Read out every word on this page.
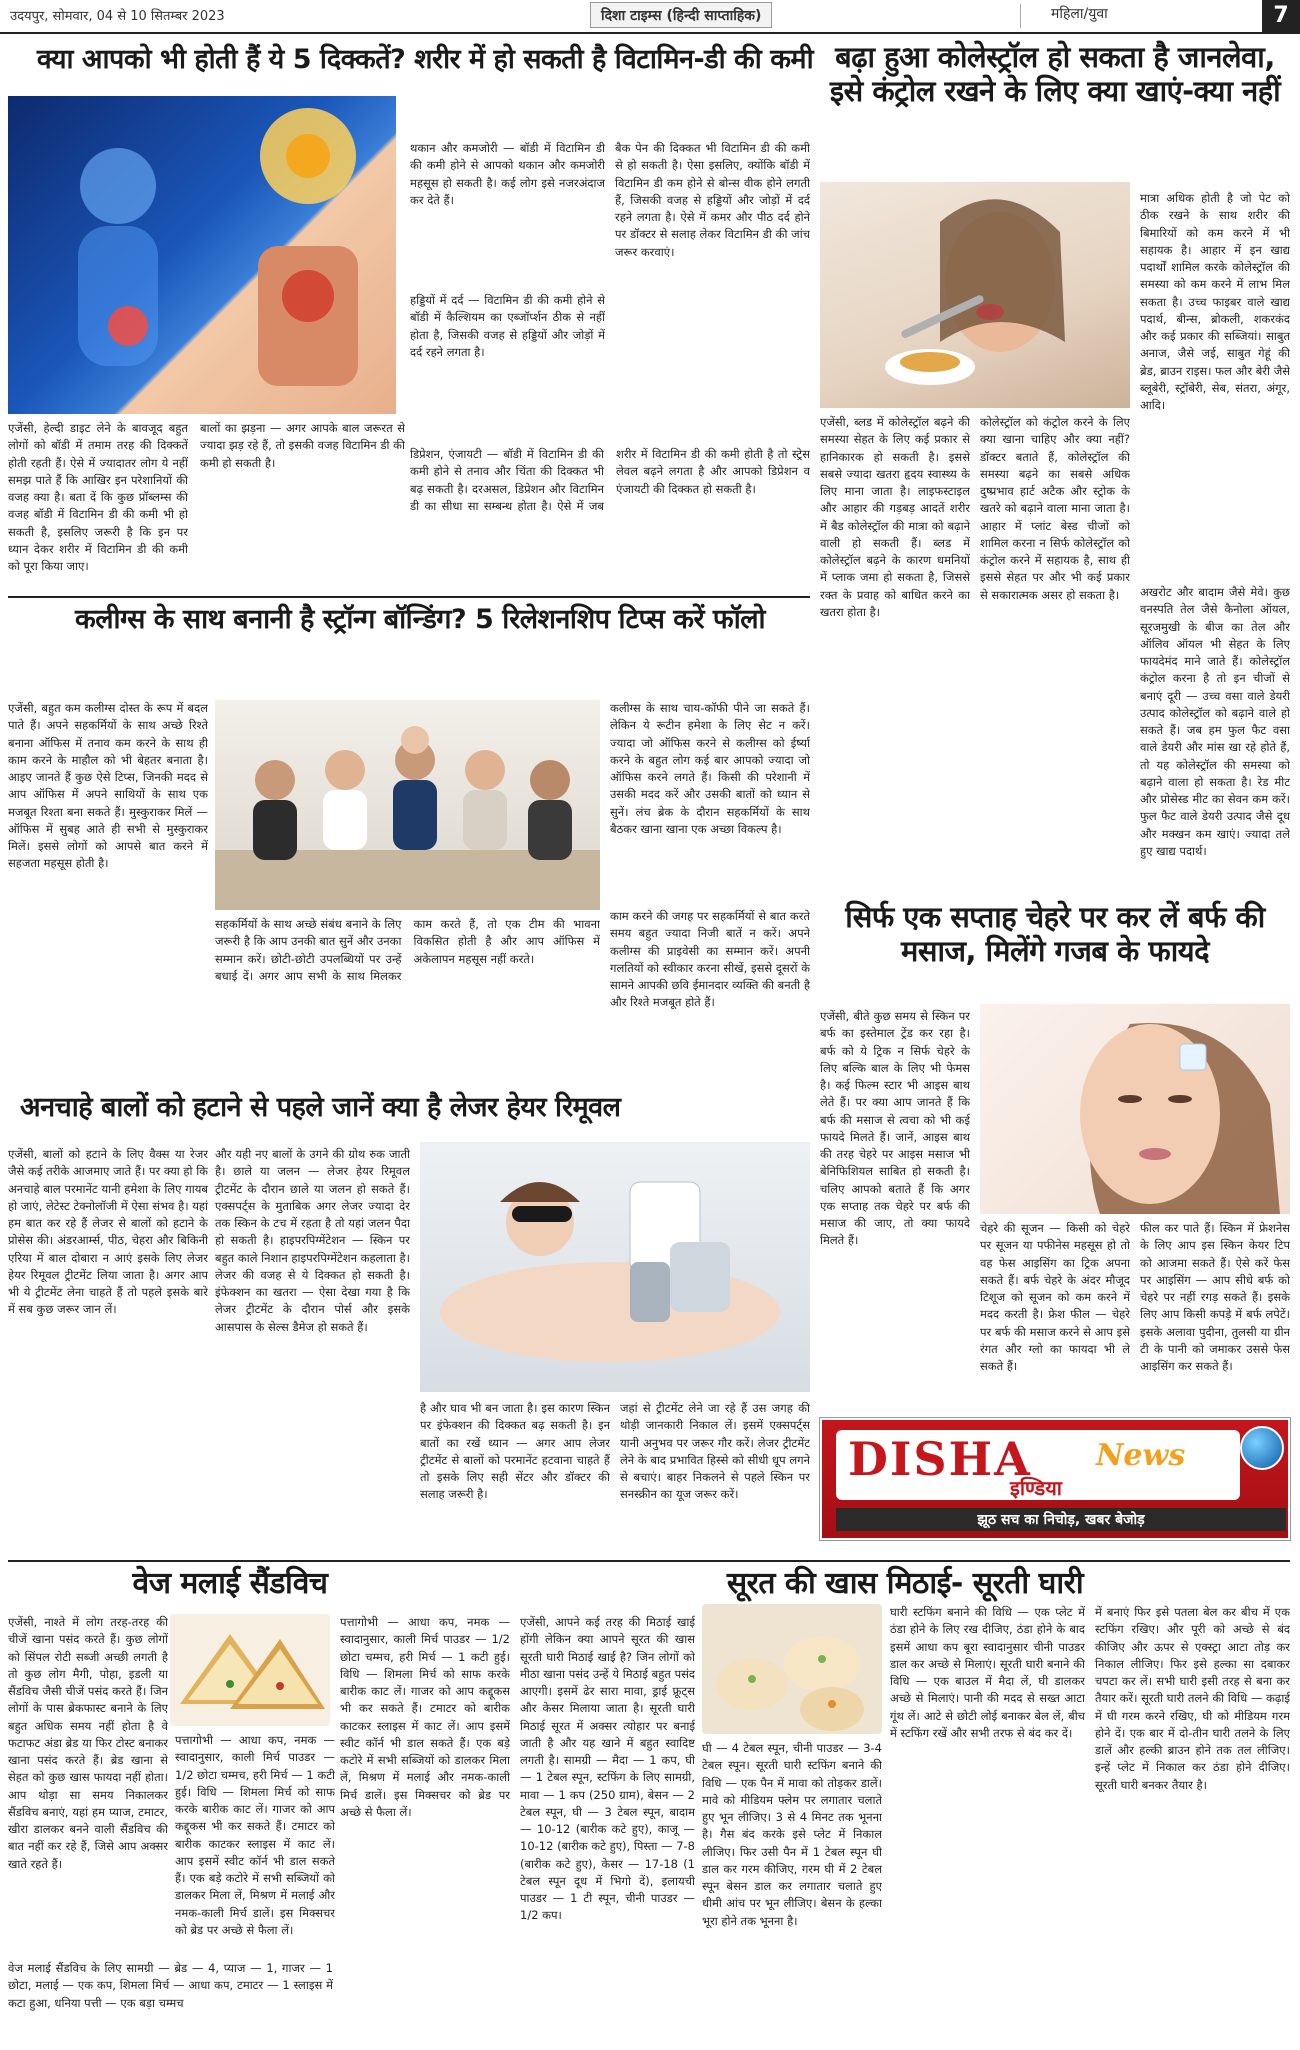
उदयपुर, सोमवार, 04 से 10 सितम्बर 2023	दिशा टाइम्स (हिन्दी साप्ताहिक)	महिला/युवा	7
क्या आपको भी होती हैं ये 5 दिक्कतें? शरीर में हो सकती है विटामिन-डी की कमी
एजेंसी, हेल्दी डाइट लेने के बावजूद बहुत लोगों को बॉडी में तमाम तरह की दिक्कतें होती रहती हैं। ऐसे में ज्यादातर लोग ये नहीं समझ पाते हैं कि आखिर इन परेशानियों की वजह क्या है। बता दें कि कुछ प्रॉब्लम्स की वजह बॉडी में विटामिन डी की कमी भी हो सकती है, इसलिए जरूरी है कि इन पर ध्यान देकर शरीर में विटामिन डी की कमी को पूरा किया जाए।
थकान और कमजोरी — बॉडी में विटामिन डी की कमी होने से आपको थकान और कमजोरी महसूस हो सकती है। कई लोग इसे नजरअंदाज कर देते हैं।
हड्डियों में दर्द — विटामिन डी की कमी होने से बॉडी में कैल्शियम का एब्जॉर्प्शन ठीक से नहीं होता है, जिसकी वजह से हड्डियों और जोड़ों में दर्द रहने लगता है।
बालों का झड़ना — अगर आपके बाल जरूरत से ज्यादा झड़ रहे हैं, तो इसकी वजह विटामिन डी की कमी हो सकती है।
बैक पेन की दिक्कत भी विटामिन डी की कमी से हो सकती है। ऐसा इसलिए, क्योंकि बॉडी में विटामिन डी कम होने से बोन्स वीक होने लगती हैं, जिसकी वजह से हड्डियों और जोड़ों में दर्द रहने लगता है। ऐसे में कमर और पीठ दर्द होने पर डॉक्टर से सलाह लेकर विटामिन डी की जांच जरूर करवाएं।
डिप्रेशन, एंजायटी — बॉडी में विटामिन डी की कमी होने से तनाव और चिंता की दिक्कत भी बढ़ सकती है। दरअसल, डिप्रेशन और विटामिन डी का सीधा सा सम्बन्ध होता है। ऐसे में जब शरीर में विटामिन डी की कमी होती है तो स्ट्रेस लेवल बढ़ने लगता है और आपको डिप्रेशन व एंजायटी की दिक्कत हो सकती है।
बढ़ा हुआ कोलेस्ट्रॉल हो सकता है जानलेवा, इसे कंट्रोल रखने के लिए क्या खाएं-क्या नहीं
मात्रा अधिक होती है जो पेट को ठीक रखने के साथ शरीर की बिमारियों को कम करने में भी सहायक है। आहार में इन खाद्य पदार्थों शामिल करके कोलेस्ट्रॉल की समस्या को कम करने में लाभ मिल सकता है। उच्च फाइबर वाले खाद्य पदार्थ, बीन्स, ब्रोकली, शकरकंद और कई प्रकार की सब्जियां। साबुत अनाज, जैसे जई, साबुत गेहूं की ब्रेड, ब्राउन राइस। फल और बेरी जैसे ब्लूबेरी, स्ट्रॉबेरी, सेब, संतरा, अंगूर, आदि।
एजेंसी, ब्लड में कोलेस्ट्रॉल बढ़ने की समस्या सेहत के लिए कई प्रकार से हानिकारक हो सकती है। इससे सबसे ज्यादा खतरा हृदय स्वास्थ्य के लिए माना जाता है। लाइफस्टाइल और आहार की गड़बड़ आदतें शरीर में बैड कोलेस्ट्रॉल की मात्रा को बढ़ाने वाली हो सकती हैं। ब्लड में कोलेस्ट्रॉल बढ़ने के कारण धमनियों में प्लाक जमा हो सकता है, जिससे रक्त के प्रवाह को बाधित करने का खतरा होता है।
कोलेस्ट्रॉल को कंट्रोल करने के लिए क्या खाना चाहिए और क्या नहीं? डॉक्टर बताते हैं, कोलेस्ट्रॉल की समस्या बढ़ने का सबसे अधिक दुष्प्रभाव हार्ट अटैक और स्ट्रोक के खतरे को बढ़ाने वाला माना जाता है। आहार में प्लांट बेस्ड चीजों को शामिल करना न सिर्फ कोलेस्ट्रॉल को कंट्रोल करने में सहायक है, साथ ही इससे सेहत पर और भी कई प्रकार से सकारात्मक असर हो सकता है।	अखरोट और बादाम जैसे मेवे। कुछ वनस्पति तेल जैसे कैनोला ऑयल, सूरजमुखी के बीज का तेल और ऑलिव ऑयल भी सेहत के लिए फायदेमंद माने जाते हैं। कोलेस्ट्रॉल कंट्रोल करना है तो इन चीजों से बनाएं दूरी — उच्च वसा वाले डेयरी उत्पाद कोलेस्ट्रॉल को बढ़ाने वाले हो सकते हैं। जब हम फुल फैट वसा वाले डेयरी और मांस खा रहे होते हैं, तो यह कोलेस्ट्रॉल की समस्या को बढ़ाने वाला हो सकता है। रेड मीट और प्रोसेस्ड मीट का सेवन कम करें। फुल फैट वाले डेयरी उत्पाद जैसे दूध और मक्खन कम खाएं। ज्यादा तले हुए खाद्य पदार्थ।
कलीग्स के साथ बनानी है स्ट्रॉन्ग बॉन्डिंग? 5 रिलेशनशिप टिप्स करें फॉलो
एजेंसी, बहुत कम कलीग्स दोस्त के रूप में बदल पाते हैं। अपने सहकर्मियों के साथ अच्छे रिश्ते बनाना ऑफिस में तनाव कम करने के साथ ही काम करने के माहौल को भी बेहतर बनाता है। आइए जानते हैं कुछ ऐसे टिप्स, जिनकी मदद से आप ऑफिस में अपने साथियों के साथ एक मजबूत रिश्ता बना सकते हैं। मुस्कुराकर मिलें — ऑफिस में सुबह आते ही सभी से मुस्कुराकर मिलें। इससे लोगों को आपसे बात करने में सहजता महसूस होती है।
कलीग्स के साथ चाय-कॉफी पीने जा सकते हैं। लेकिन ये रूटीन हमेशा के लिए सेट न करें। ज्यादा जो ऑफिस करने से कलीग्स को ईर्ष्या करने के बहुत लोग कई बार आपको ज्यादा जो ऑफिस करने लगते हैं। किसी की परेशानी में उसकी मदद करें और उसकी बातों को ध्यान से सुनें। लंच ब्रेक के दौरान सहकर्मियों के साथ बैठकर खाना खाना एक अच्छा विकल्प है।
सहकर्मियों के साथ अच्छे संबंध बनाने के लिए जरूरी है कि आप उनकी बात सुनें और उनका सम्मान करें। छोटी-छोटी उपलब्धियों पर उन्हें बधाई दें। अगर आप सभी के साथ मिलकर काम करते हैं, तो एक टीम की भावना विकसित होती है और आप ऑफिस में अकेलापन महसूस नहीं करते।
काम करने की जगह पर सहकर्मियों से बात करते समय बहुत ज्यादा निजी बातें न करें। अपने कलीग्स की प्राइवेसी का सम्मान करें। अपनी गलतियों को स्वीकार करना सीखें, इससे दूसरों के सामने आपकी छवि ईमानदार व्यक्ति की बनती है और रिश्ते मजबूत होते हैं।
सिर्फ एक सप्ताह चेहरे पर कर लें बर्फ की मसाज, मिलेंगे गजब के फायदे
एजेंसी, बीते कुछ समय से स्किन पर बर्फ का इस्तेमाल ट्रेंड कर रहा है। बर्फ को ये ट्रिक न सिर्फ चेहरे के लिए बल्कि बाल के लिए भी फेमस है। कई फिल्म स्टार भी आइस बाथ लेते हैं। पर क्या आप जानते हैं कि बर्फ की मसाज से त्वचा को भी कई फायदे मिलते हैं। जानें, आइस बाथ की तरह चेहरे पर आइस मसाज भी बेनिफिशियल साबित हो सकती है। चलिए आपको बताते हैं कि अगर एक सप्ताह तक चेहरे पर बर्फ की मसाज की जाए, तो क्या फायदे मिलते हैं।
चेहरे की सूजन — किसी को चेहरे पर सूजन या पफीनेस महसूस हो तो वह फेस आइसिंग का ट्रिक अपना सकते हैं। बर्फ चेहरे के अंदर मौजूद टिशूज को सूजन को कम करने में मदद करती है। फ्रेश फील — चेहरे पर बर्फ की मसाज करने से आप इसे रंगत और ग्लो का फायदा भी ले सकते हैं।
फील कर पाते हैं। स्किन में फ्रेशनेस के लिए आप इस स्किन केयर टिप को आजमा सकते हैं। ऐसे करें फेस पर आइसिंग — आप सीधे बर्फ को चेहरे पर नहीं रगड़ सकते हैं। इसके लिए आप किसी कपड़े में बर्फ लपेटें। इसके अलावा पुदीना, तुलसी या ग्रीन टी के पानी को जमाकर उससे फेस आइसिंग कर सकते हैं।
अनचाहे बालों को हटाने से पहले जानें क्या है लेजर हेयर रिमूवल
एजेंसी, बालों को हटाने के लिए वैक्स या रेजर जैसे कई तरीके आजमाए जाते हैं। पर क्या हो कि अनचाहे बाल परमानेंट यानी हमेशा के लिए गायब हो जाएं, लेटेस्ट टेक्नोलॉजी में ऐसा संभव है। यहां हम बात कर रहे हैं लेजर से बालों को हटाने के प्रोसेस की। अंडरआर्म्स, पीठ, चेहरा और बिकिनी एरिया में बाल दोबारा न आएं इसके लिए लेजर हेयर रिमूवल ट्रीटमेंट लिया जाता है। अगर आप भी ये ट्रीटमेंट लेना चाहते हैं तो पहले इसके बारे में सब कुछ जरूर जान लें।
और यही नए बालों के उगने की ग्रोथ रुक जाती है। छाले या जलन — लेजर हेयर रिमूवल ट्रीटमेंट के दौरान छाले या जलन हो सकते हैं। एक्सपर्ट्स के मुताबिक अगर लेजर ज्यादा देर तक स्किन के टच में रहता है तो यहां जलन पैदा हो सकती है। हाइपरपिग्मेंटेशन — स्किन पर बहुत काले निशान हाइपरपिग्मेंटेशन कहलाता है। लेजर की वजह से ये दिक्कत हो सकती है। इंफेक्शन का खतरा — ऐसा देखा गया है कि लेजर ट्रीटमेंट के दौरान पोर्स और इसके आसपास के सेल्स डैमेज हो सकते हैं।
है और घाव भी बन जाता है। इस कारण स्किन पर इंफेक्शन की दिक्कत बढ़ सकती है। इन बातों का रखें ध्यान — अगर आप लेजर ट्रीटमेंट से बालों को परमानेंट हटवाना चाहते हैं तो इसके लिए सही सेंटर और डॉक्टर की सलाह जरूरी है।
जहां से ट्रीटमेंट लेने जा रहे हैं उस जगह की थोड़ी जानकारी निकाल लें। इसमें एक्सपर्ट्स यानी अनुभव पर जरूर गौर करें। लेजर ट्रीटमेंट लेने के बाद प्रभावित हिस्से को सीधी धूप लगने से बचाएं। बाहर निकलने से पहले स्किन पर सनस्क्रीन का यूज जरूर करें।
DISHA News
इण्डिया
झूठ सच का निचोड़, खबर बेजोड़
वेज मलाई सैंडविच
एजेंसी, नाश्ते में लोग तरह-तरह की चीजें खाना पसंद करते हैं। कुछ लोगों को सिंपल रोटी सब्जी अच्छी लगती है तो कुछ लोग मैगी, पोहा, इडली या सैंडविच जैसी चीजें पसंद करते हैं। जिन लोगों के पास ब्रेकफास्ट बनाने के लिए बहुत अधिक समय नहीं होता है वे फटाफट अंडा ब्रेड या फिर टोस्ट बनाकर खाना पसंद करते हैं। ब्रेड खाना से सेहत को कुछ खास फायदा नहीं होता। आप थोड़ा सा समय निकालकर सैंडविच बनाएं, यहां हम प्याज, टमाटर, खीरा डालकर बनने वाली सैंडविच की बात नहीं कर रहे हैं, जिसे आप अक्सर खाते रहते हैं।
पत्तागोभी — आधा कप, नमक — स्वादानुसार, काली मिर्च पाउडर — 1/2 छोटा चम्मच, हरी मिर्च — 1 कटी हुई। विधि — शिमला मिर्च को साफ करके बारीक काट लें। गाजर को आप कद्दूकस भी कर सकते हैं। टमाटर को बारीक काटकर स्लाइस में काट लें। आप इसमें स्वीट कॉर्न भी डाल सकते हैं। एक बड़े कटोरे में सभी सब्जियों को डालकर मिला लें, मिश्रण में मलाई और नमक-काली मिर्च डालें। इस मिक्सचर को ब्रेड पर अच्छे से फैला लें।
वेज मलाई सैंडविच के लिए सामग्री — ब्रेड — 4, प्याज — 1, गाजर — 1 छोटा, मलाई — एक कप, शिमला मिर्च — आधा कप, टमाटर — 1 स्लाइस में कटा हुआ, धनिया पत्ती — एक बड़ा चम्मच
पत्तागोभी — आधा कप, नमक — स्वादानुसार, काली मिर्च पाउडर — 1/2 छोटा चम्मच, हरी मिर्च — 1 कटी हुई। विधि — शिमला मिर्च को साफ करके बारीक काट लें। गाजर को आप कद्दूकस भी कर सकते हैं। टमाटर को बारीक काटकर स्लाइस में काट लें। आप इसमें स्वीट कॉर्न भी डाल सकते हैं। एक बड़े कटोरे में सभी सब्जियों को डालकर मिला लें, मिश्रण में मलाई और नमक-काली मिर्च डालें। इस मिक्सचर को ब्रेड पर अच्छे से फैला लें।
सूरत की खास मिठाई- सूरती घारी
एजेंसी, आपने कई तरह की मिठाई खाई होंगी लेकिन क्या आपने सूरत की खास सूरती घारी मिठाई खाई है? जिन लोगों को मीठा खाना पसंद उन्हें ये मिठाई बहुत पसंद आएगी। इसमें ढेर सारा मावा, ड्राई फ्रूट्स और केसर मिलाया जाता है। सूरती घारी मिठाई सूरत में अक्सर त्योहार पर बनाई जाती है और यह खाने में बहुत स्वादिष्ट लगती है। सामग्री — मैदा — 1 कप, घी — 1 टेबल स्पून, स्टफिंग के लिए सामग्री, मावा — 1 कप (250 ग्राम), बेसन — 2 टेबल स्पून, घी — 3 टेबल स्पून, बादाम — 10-12 (बारीक कटे हुए), काजू — 10-12 (बारीक कटे हुए), पिस्ता — 7-8 (बारीक कटे हुए), केसर — 17-18 (1 टेबल स्पून दूध में भिगो दें), इलायची पाउडर — 1 टी स्पून, चीनी पाउडर — 1/2 कप।
घी — 4 टेबल स्पून, चीनी पाउडर — 3-4 टेबल स्पून। सूरती घारी स्टफिंग बनाने की विधि — एक पैन में मावा को तोड़कर डालें। मावे को मीडियम फ्लेम पर लगातार चलाते हुए भून लीजिए। 3 से 4 मिनट तक भूनना है। गैस बंद करके इसे प्लेट में निकाल लीजिए। फिर उसी पैन में 1 टेबल स्पून घी डाल कर गरम कीजिए, गरम घी में 2 टेबल स्पून बेसन डाल कर लगातार चलाते हुए धीमी आंच पर भून लीजिए। बेसन के हल्का भूरा होने तक भूनना है।
घारी स्टफिंग बनाने की विधि — एक प्लेट में ठंडा होने के लिए रख दीजिए, ठंडा होने के बाद इसमें आधा कप बूरा स्वादानुसार चीनी पाउडर डाल कर अच्छे से मिलाएं। सूरती घारी बनाने की विधि — एक बाउल में मैदा लें, घी डालकर अच्छे से मिलाएं। पानी की मदद से सख्त आटा गूंथ लें। आटे से छोटी लोई बनाकर बेल लें, बीच में स्टफिंग रखें और सभी तरफ से बंद कर दें।
में बनाएं फिर इसे पतला बेल कर बीच में एक स्टफिंग रखिए। और पूरी को अच्छे से बंद कीजिए और ऊपर से एक्स्ट्रा आटा तोड़ कर निकाल लीजिए। फिर इसे हल्का सा दबाकर चपटा कर लें। सभी घारी इसी तरह से बना कर तैयार करें। सूरती घारी तलने की विधि — कढ़ाई में घी गरम करने रखिए, घी को मीडियम गरम होने दें। एक बार में दो-तीन घारी तलने के लिए डालें और हल्की ब्राउन होने तक तल लीजिए। इन्हें प्लेट में निकाल कर ठंडा होने दीजिए। सूरती घारी बनकर तैयार है।
